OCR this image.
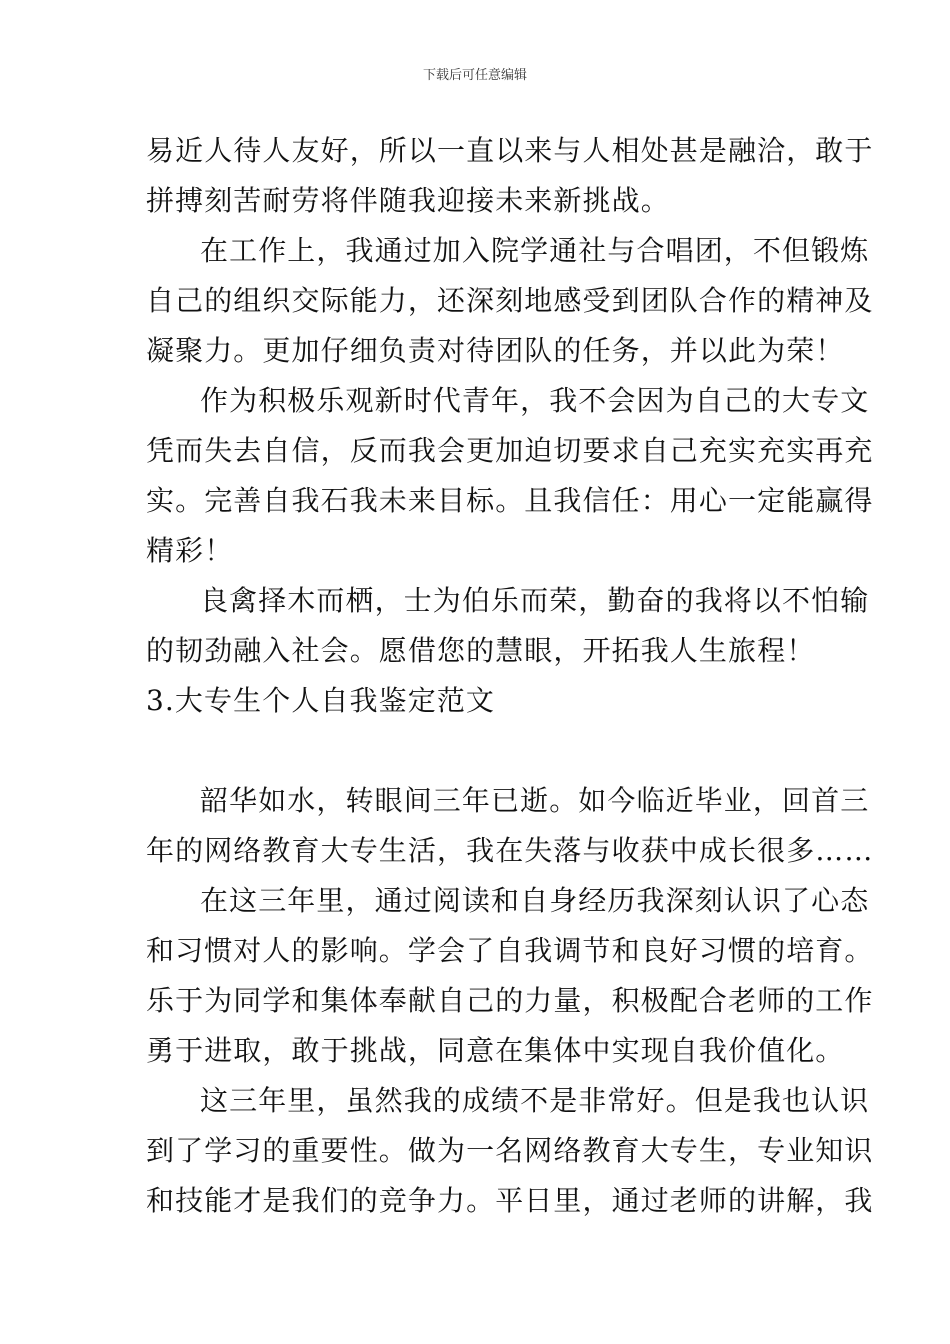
下载后可任意编辑
易近人待人友好，所以一直以来与人相处甚是融洽，敢于
拼搏刻苦耐劳将伴随我迎接未来新挑战。
在工作上，我通过加入院学通社与合唱团，不但锻炼
自己的组织交际能力，还深刻地感受到团队合作的精神及
凝聚力。更加仔细负责对待团队的任务，并以此为荣！
作为积极乐观新时代青年，我不会因为自己的大专文
凭而失去自信，反而我会更加迫切要求自己充实充实再充
实。完善自我石我未来目标。且我信任：用心一定能赢得
精彩！
良禽择木而栖，士为伯乐而荣，勤奋的我将以不怕输
的韧劲融入社会。愿借您的慧眼，开拓我人生旅程！
3.大专生个人自我鉴定范文
韶华如水，转眼间三年已逝。如今临近毕业，回首三
年的网络教育大专生活，我在失落与收获中成长很多……
在这三年里，通过阅读和自身经历我深刻认识了心态
和习惯对人的影响。学会了自我调节和良好习惯的培育。
乐于为同学和集体奉献自己的力量，积极配合老师的工作
勇于进取，敢于挑战，同意在集体中实现自我价值化。
这三年里，虽然我的成绩不是非常好。但是我也认识
到了学习的重要性。做为一名网络教育大专生，专业知识
和技能才是我们的竞争力。平日里，通过老师的讲解，我
